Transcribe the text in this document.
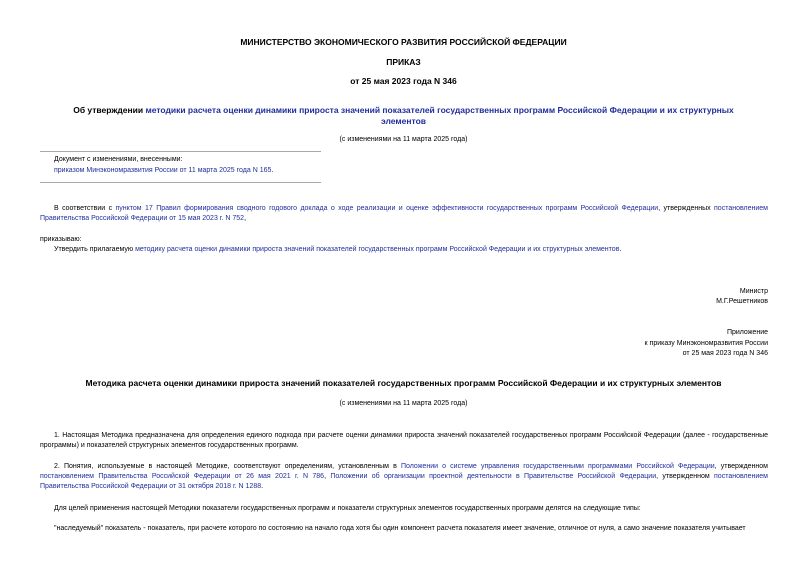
МИНИСТЕРСТВО ЭКОНОМИЧЕСКОГО РАЗВИТИЯ РОССИЙСКОЙ ФЕДЕРАЦИИ
ПРИКАЗ
от 25 мая 2023 года N 346
Об утверждении методики расчета оценки динамики прироста значений показателей государственных программ Российской Федерации и их структурных
элементов
(с изменениями на 11 марта 2025 года)
Документ с изменениями, внесенными:
приказом Минэкономразвития России от 11 марта 2025 года N 165.
В соответствии с пунктом 17 Правил формирования сводного годового доклада о ходе реализации и оценке эффективности государственных программ Российской Федерации, утвержденных постановлением Правительства Российской Федерации от 15 мая 2023 г. N 752,
приказываю:
Утвердить прилагаемую методику расчета оценки динамики прироста значений показателей государственных программ Российской Федерации и их структурных элементов.
Министр
М.Г.Решетников
Приложение
к приказу Минэкономразвития России
от 25 мая 2023 года N 346
Методика расчета оценки динамики прироста значений показателей государственных программ Российской Федерации и их структурных элементов
(с изменениями на 11 марта 2025 года)
1. Настоящая Методика предназначена для определения единого подхода при расчете оценки динамики прироста значений показателей государственных программ Российской Федерации (далее - государственные программы) и показателей структурных элементов государственных программ.
2. Понятия, используемые в настоящей Методике, соответствуют определениям, установленным в Положении о системе управления государственными программами Российской Федерации, утвержденном постановлением Правительства Российской Федерации от 26 мая 2021 г. N 786, Положении об организации проектной деятельности в Правительстве Российской Федерации, утвержденном постановлением Правительства Российской Федерации от 31 октября 2018 г. N 1288.
Для целей применения настоящей Методики показатели государственных программ и показатели структурных элементов государственных программ делятся на следующие типы:
"наследуемый" показатель - показатель, при расчете которого по состоянию на начало года хотя бы один компонент расчета показателя имеет значение, отличное от нуля, а само значение показателя учитывает
